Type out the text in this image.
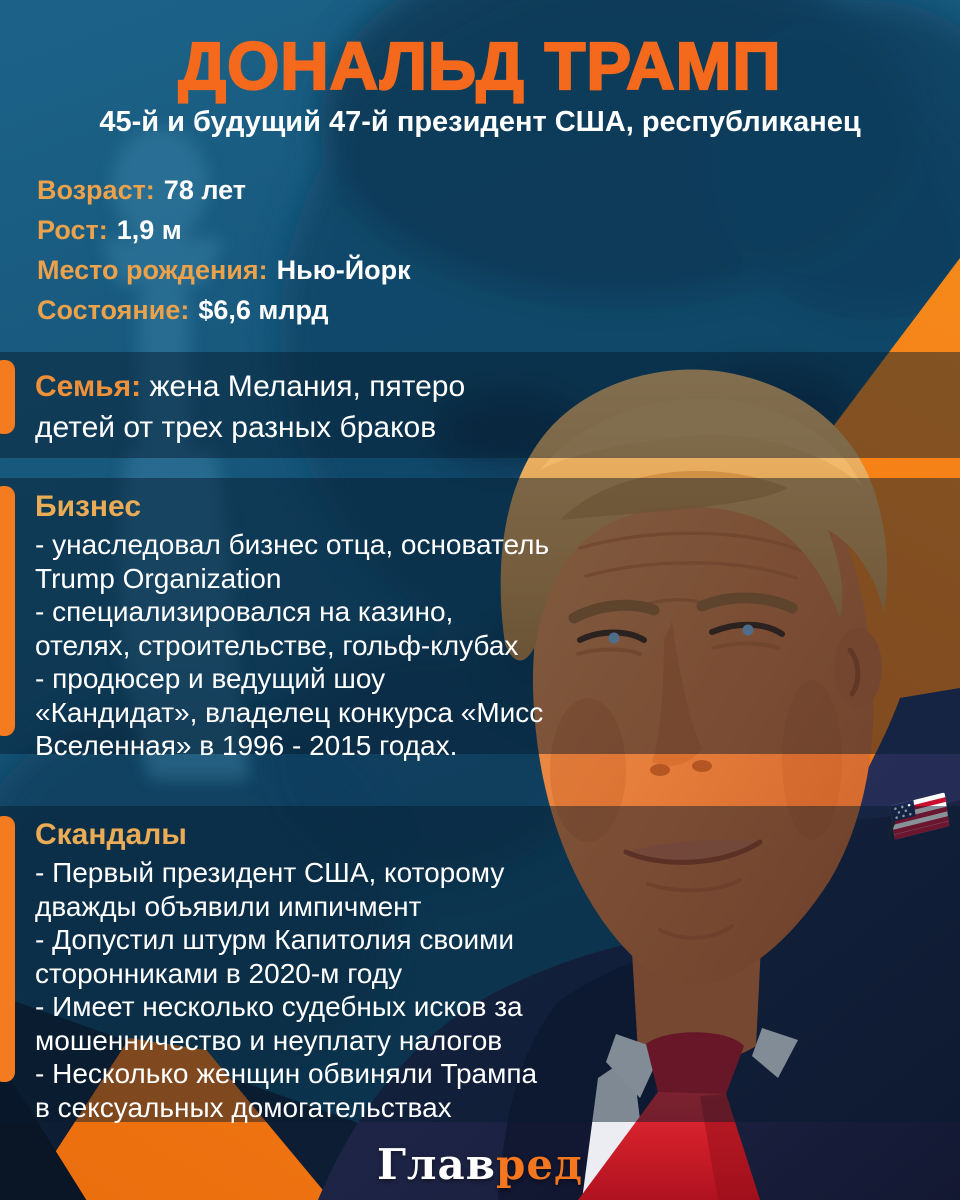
ДОНАЛЬД ТРАМП
45-й и будущий 47-й президент США, республиканец
Возраст: 78 лет
Рост: 1,9 м
Место рождения: Нью-Йорк
Состояние: $6,6 млрд
Семья: жена Мелания, пятеро детей от трех разных браков
Бизнес
- унаследовал бизнес отца, основатель Trump Organization
- специализировался на казино, отелях, строительстве, гольф-клубах
- продюсер и ведущий шоу «Кандидат», владелец конкурса «Мисс Вселенная» в 1996 - 2015 годах.
Скандалы
- Первый президент США, которому дважды объявили импичмент
- Допустил штурм Капитолия своими сторонниками в 2020-м году
- Имеет несколько судебных исков за мошенничество и неуплату налогов
- Несколько женщин обвиняли Трампа в сексуальных домогательствах
Главред
